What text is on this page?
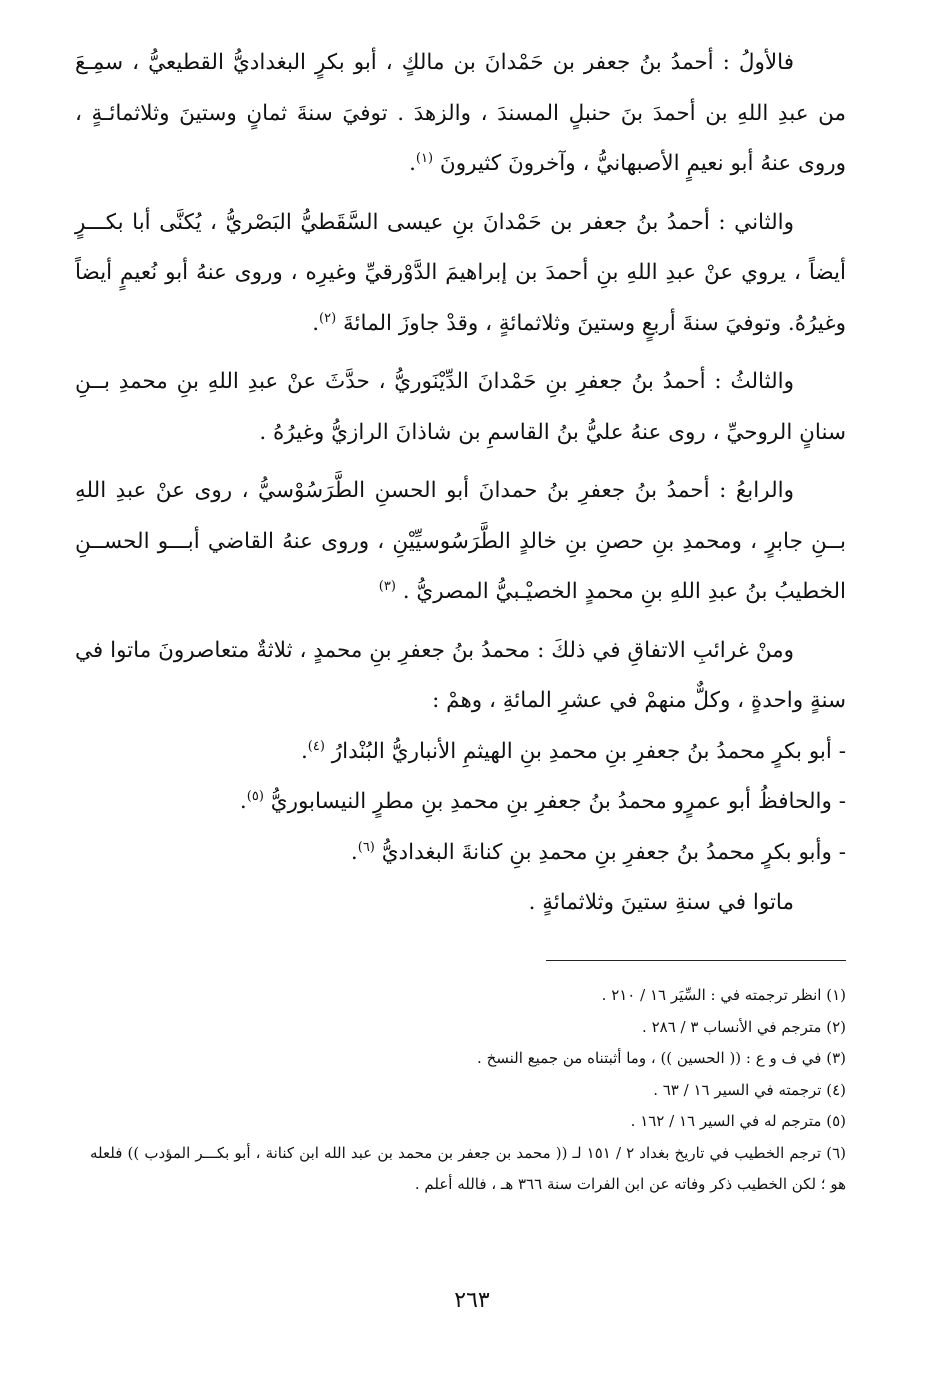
فالأولُ : أحمدُ بنُ جعفر بن حَمْدانَ بن مالكٍ ، أبو بكرٍ البغداديُّ القطيعيُّ ، سمِـعَ من عبدِ اللهِ بن أحمدَ بنَ حنبلٍ المسندَ ، والزهدَ . توفيَ سنةَ ثمانٍ وستينَ وثلاثمائـةٍ ، وروى عنهُ أبو نعيمٍ الأصبهانيُّ ، وآخرونَ كثيرونَ $^{(١)}$.

والثاني : أحمدُ بنُ جعفر بن حَمْدانَ بنِ عيسى السَّقَطيُّ البَصْريُّ ، يُكنَّى أبا بكـــرٍ أيضاً ، يروي عنْ عبدِ اللهِ بنِ أحمدَ بن إبراهيمَ الدَّوْرقيِّ وغيرِه ، وروى عنهُ أبو نُعيمٍ أيضاً وغيرُهُ. وتوفيَ سنةَ أربعٍ وستينَ وثلاثمائةٍ ، وقدْ جاوزَ المائةَ $^{(٢)}$.

والثالثُ : أحمدُ بنُ جعفرِ بنِ حَمْدانَ الدِّيْنَوريُّ ، حدَّثَ عنْ عبدِ اللهِ بنِ محمدِ بــنِ سنانٍ الروحيِّ ، روى عنهُ عليُّ بنُ القاسمِ بن شاذانَ الرازيُّ وغيرُهُ .

والرابعُ : أحمدُ بنُ جعفرِ بنُ حمدانَ أبو الحسنِ الطَّرَسُوْسيُّ ، روى عنْ عبدِ اللهِ بــنِ جابرٍ ، ومحمدِ بنِ حصنِ بنِ خالدٍ الطَّرَسُوسيِّيْنِ ، وروى عنهُ القاضي أبـــو الحســنِ الخطيبُ بنُ عبدِ اللهِ بنِ محمدٍ الخصيْـبيُّ المصريُّ . $^{(٣)}$

ومنْ غرائبِ الاتفاقِ في ذلكَ : محمدُ بنُ جعفرِ بنِ محمدٍ ، ثلاثةٌ متعاصرونَ ماتوا في سنةٍ واحدةٍ ، وكلٌّ منهمْ في عشرِ المائةِ ، وهمْ :

- أبو بكرٍ محمدُ بنُ جعفرِ بنِ محمدِ بنِ الهيثمِ الأنباريُّ البُنْدارُ $^{(٤)}$.

- والحافظُ أبو عمرٍو محمدُ بنُ جعفرِ بنِ محمدِ بنِ مطرٍ النيسابوريُّ $^{(٥)}$.

- وأبو بكرٍ محمدُ بنُ جعفرِ بنِ محمدِ بنِ كنانةَ البغداديُّ $^{(٦)}$.

ماتوا في سنةِ ستينَ وثلاثمائةٍ .

(١) انظر ترجمته في : السِّيَر ١٦ / ٢١٠ .

(٢) مترجم في الأنساب ٣ / ٢٨٦ .

(٣) في ف و ع : (( الحسين )) ، وما أثبتناه من جميع النسخ .

(٤) ترجمته في السير ١٦ / ٦٣ .

(٥) مترجم له في السير ١٦ / ١٦٢ .

(٦) ترجم الخطيب في تاريخ بغداد ٢ / ١٥١ لـ (( محمد بن جعفر بن محمد بن عبد الله ابن كنانة ، أبو بكـــر المؤدب )) فلعله هو ؛ لكن الخطيب ذكر وفاته عن ابن الفرات سنة ٣٦٦ هـ ، فالله أعلم .

٢٦٣
